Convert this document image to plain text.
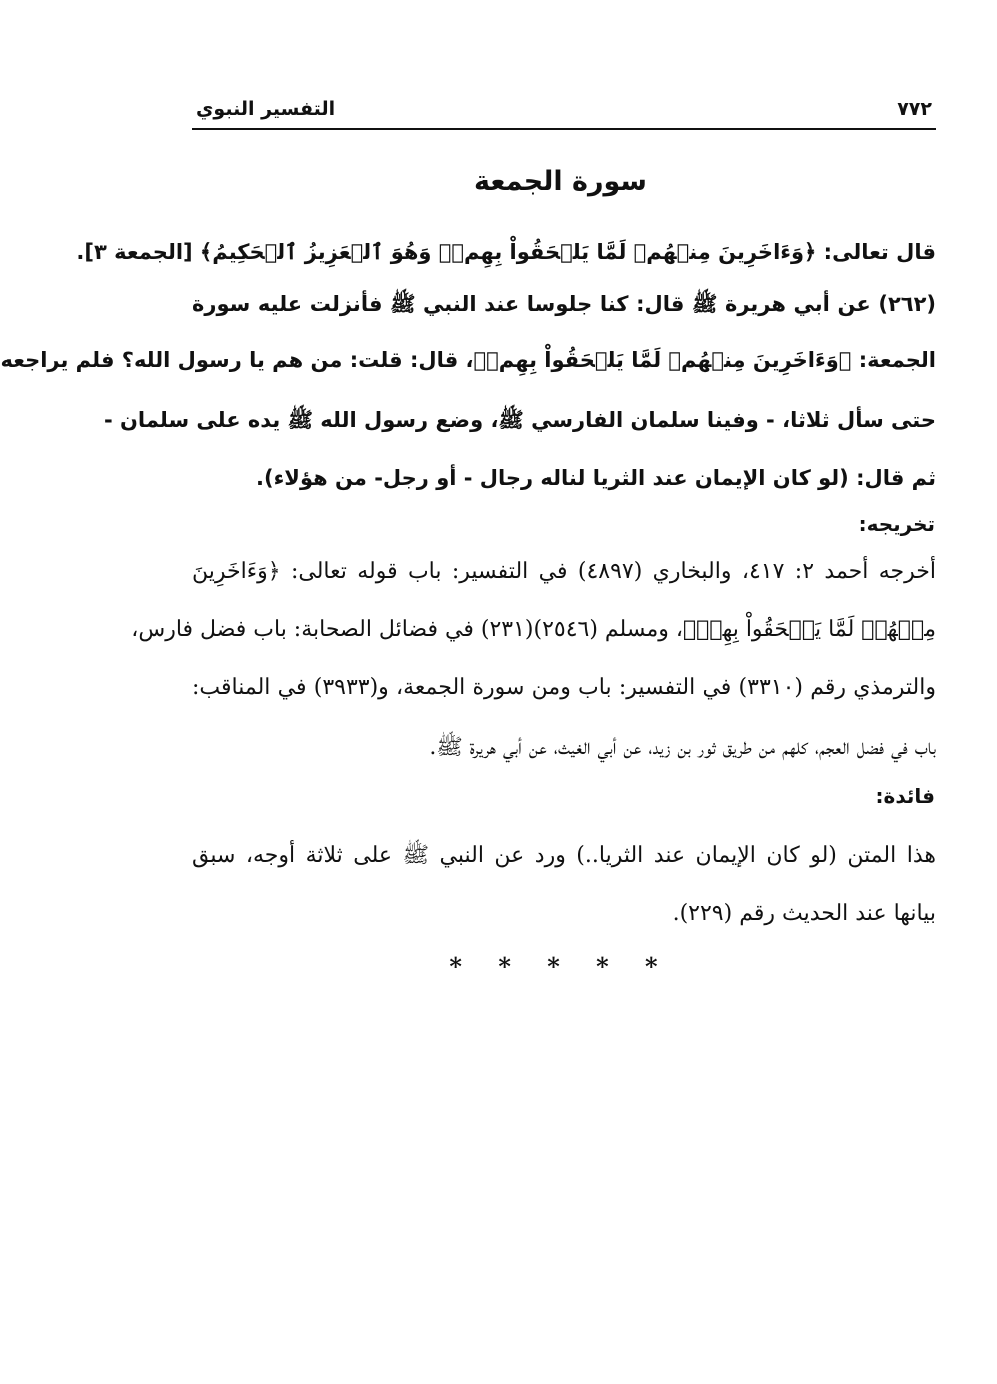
٧٧٢
التفسير النبوي
سورة الجمعة
قال تعالى: ﴿وَءَاخَرِينَ مِنۡهُمۡ لَمَّا يَلۡحَقُواْ بِهِمۡۚ وَهُوَ ٱلۡعَزِيزُ ٱلۡحَكِيمُ﴾ [الجمعة ٣].
(٢٦٢) عن أبي هريرة ﷺ قال: كنا جلوسا عند النبي ﷺ فأنزلت عليه سورة
الجمعة: ﴿وَءَاخَرِينَ مِنۡهُمۡ لَمَّا يَلۡحَقُواْ بِهِمۡ﴾، قال: قلت: من هم يا رسول الله؟ فلم يراجعه
حتى سأل ثلاثا، - وفينا سلمان الفارسي ﷺ، وضع رسول الله ﷺ يده على سلمان -
ثم قال: (لو كان الإيمان عند الثريا لناله رجال - أو رجل- من هؤلاء).
تخريجه:
أخرجه أحمد ٢: ٤١٧، والبخاري (٤٨٩٧) في التفسير: باب قوله تعالى: ﴿وَءَاخَرِينَ
مِنۡهُمۡ لَمَّا يَلۡحَقُواْ بِهِمۡ﴾، ومسلم (٢٥٤٦)(٢٣١) في فضائل الصحابة: باب فضل فارس،
والترمذي رقم (٣٣١٠) في التفسير: باب ومن سورة الجمعة، و(٣٩٣٣) في المناقب:
باب في فضل العجم، كلهم من طريق ثور بن زيد، عن أبي الغيث، عن أبي هريرة ﷺ.
فائدة:
هذا المتن (لو كان الإيمان عند الثريا..) ورد عن النبي ﷺ على ثلاثة أوجه، سبق
بيانها عند الحديث رقم (٢٢٩).
* * * * *
